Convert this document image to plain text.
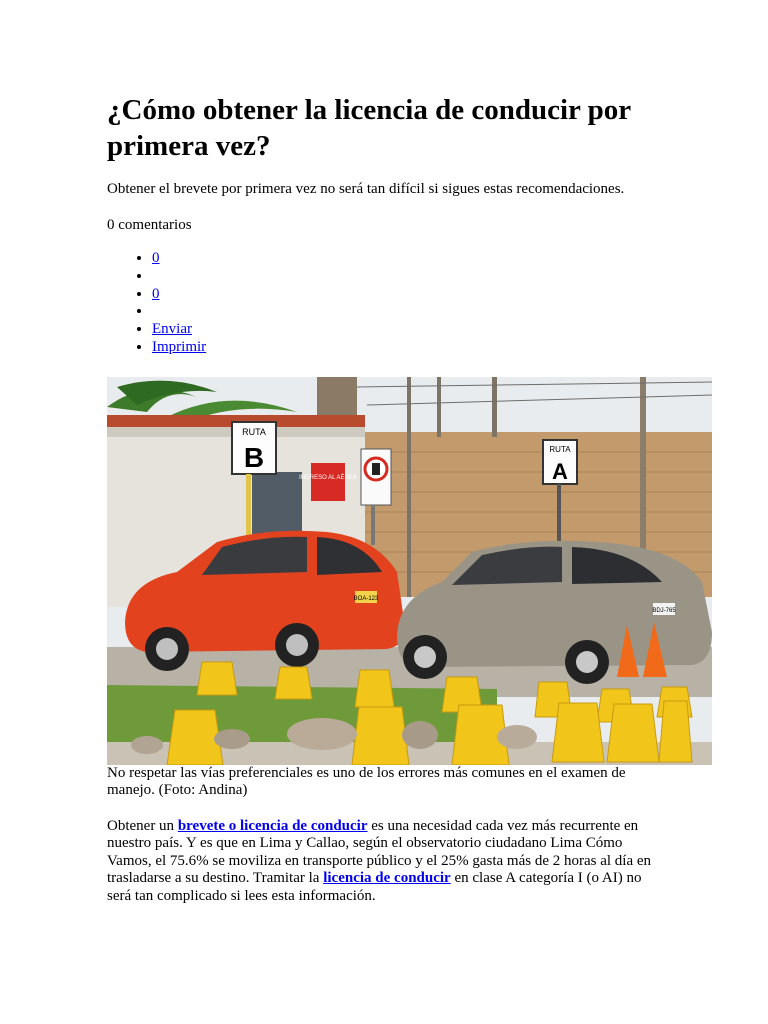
¿Cómo obtener la licencia de conducir por primera vez?

Obtener el brevete por primera vez no será tan difícil si sigues estas recomendaciones.

0 comentarios

• 0
•
• 0
•
• Enviar
• Imprimir
INGRESO AL AÉREA
RUTA
B	RUTA
A
BOA-123
BDJ-765

No respetar las vías preferenciales es uno de los errores más comunes en el examen de manejo. (Foto: Andina)

Obtener un brevete o licencia de conducir es una necesidad cada vez más recurrente en nuestro país. Y es que en Lima y Callao, según el observatorio ciudadano Lima Cómo Vamos, el 75.6% se moviliza en transporte público y el 25% gasta más de 2 horas al día en trasladarse a su destino. Tramitar la licencia de conducir en clase A categoría I (o AI) no será tan complicado si lees esta información.
